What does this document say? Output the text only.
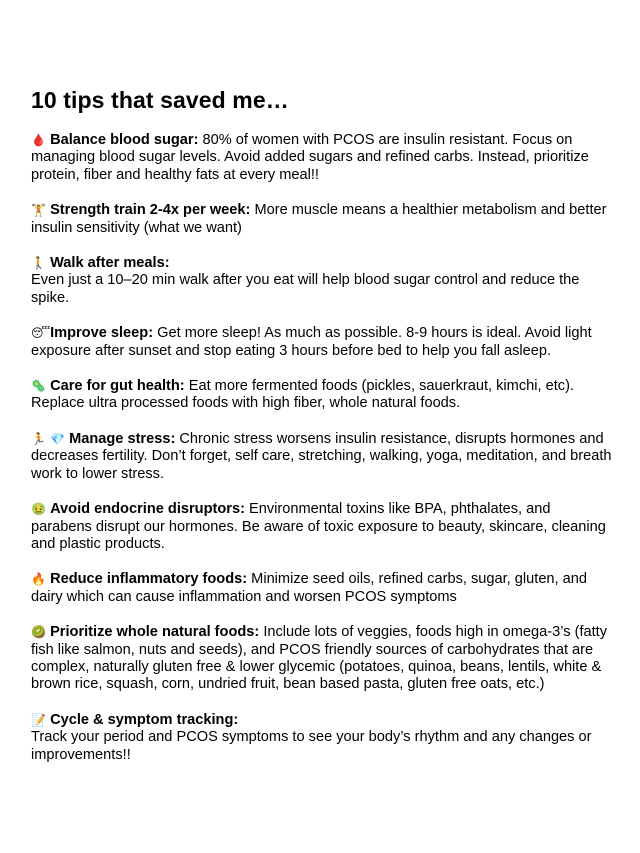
10 tips that saved me…

🩸 Balance blood sugar: 80% of women with PCOS are insulin resistant. Focus on managing blood sugar levels. Avoid added sugars and refined carbs. Instead, prioritize protein, fiber and healthy fats at every meal!!

🏋 Strength train 2-4x per week: More muscle means a healthier metabolism and better insulin sensitivity (what we want)

🚶 Walk after meals:
Even just a 10–20 min walk after you eat will help blood sugar control and reduce the spike.

😴 Improve sleep: Get more sleep! As much as possible. 8-9 hours is ideal. Avoid light exposure after sunset and stop eating 3 hours before bed to help you fall asleep.

🦠 Care for gut health: Eat more fermented foods (pickles, sauerkraut, kimchi, etc). Replace ultra processed foods with high fiber, whole natural foods.

🏃 💎 Manage stress: Chronic stress worsens insulin resistance, disrupts hormones and decreases fertility. Don’t forget, self care, stretching, walking, yoga, meditation, and breath work to lower stress.

🤢 Avoid endocrine disruptors: Environmental toxins like BPA, phthalates, and parabens disrupt our hormones. Be aware of toxic exposure to beauty, skincare, cleaning and plastic products.

🔥 Reduce inflammatory foods: Minimize seed oils, refined carbs, sugar, gluten, and dairy which can cause inflammation and worsen PCOS symptoms

🥝 Prioritize whole natural foods: Include lots of veggies, foods high in omega-3’s (fatty fish like salmon, nuts and seeds), and PCOS friendly sources of carbohydrates that are complex, naturally gluten free & lower glycemic (potatoes, quinoa, beans, lentils, white & brown rice, squash, corn, undried fruit, bean based pasta, gluten free oats, etc.)

📝 Cycle & symptom tracking:
Track your period and PCOS symptoms to see your body’s rhythm and any changes or improvements!!
